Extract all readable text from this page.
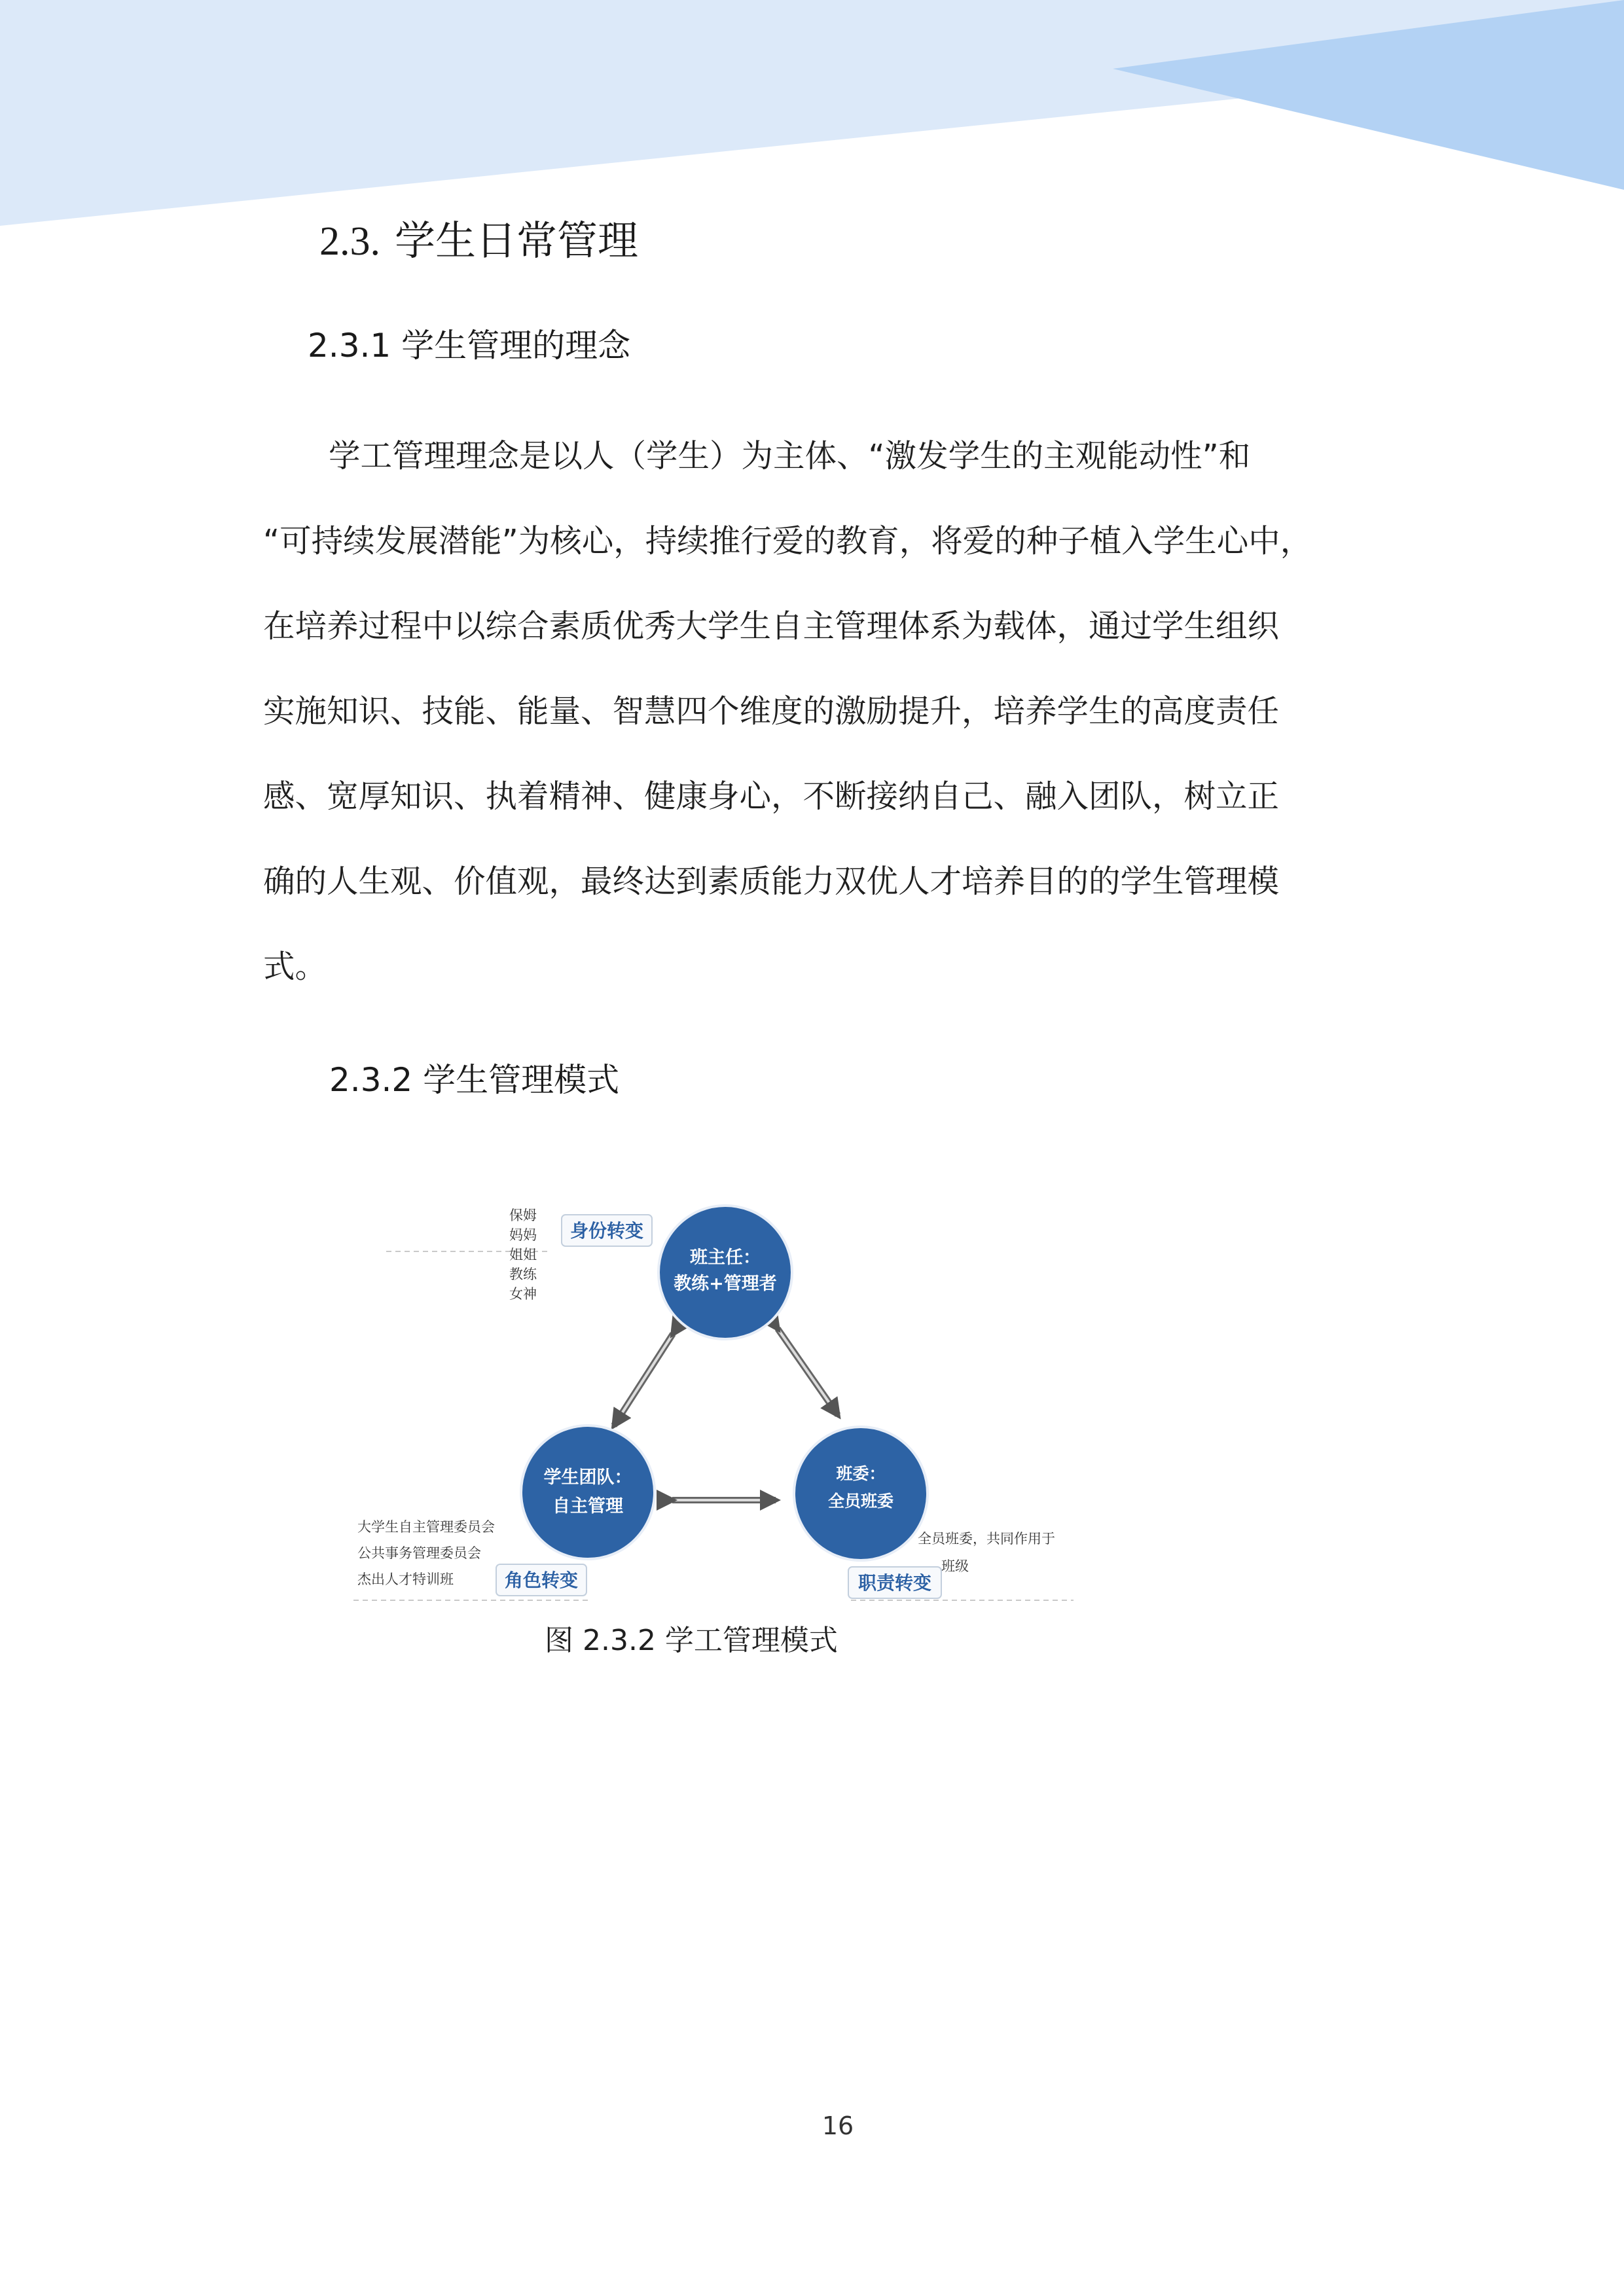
2.3. 学生日常管理
2.3.1 学生管理的理念

学工管理理念是以人（学生）为主体、“激发学生的主观能动性”和
“可持续发展潜能”为核心，持续推行爱的教育，将爱的种子植入学生心中，
在培养过程中以综合素质优秀大学生自主管理体系为载体，通过学生组织
实施知识、技能、能量、智慧四个维度的激励提升，培养学生的高度责任
感、宽厚知识、执着精神、健康身心，不断接纳自己、融入团队，树立正
确的人生观、价值观，最终达到素质能力双优人才培养目的的学生管理模
式。

2.3.2 学生管理模式
班主任：
教练+管理者
学生团队：
自主管理
班委：
全员班委
保姆
妈妈
姐姐
教练
女神
身份转变
大学生自主管理委员会
公共事务管理委员会
杰出人才特训班	角色转变
全员班委，共同作用于
班级
职责转变
图 2.3.2 学工管理模式
16
